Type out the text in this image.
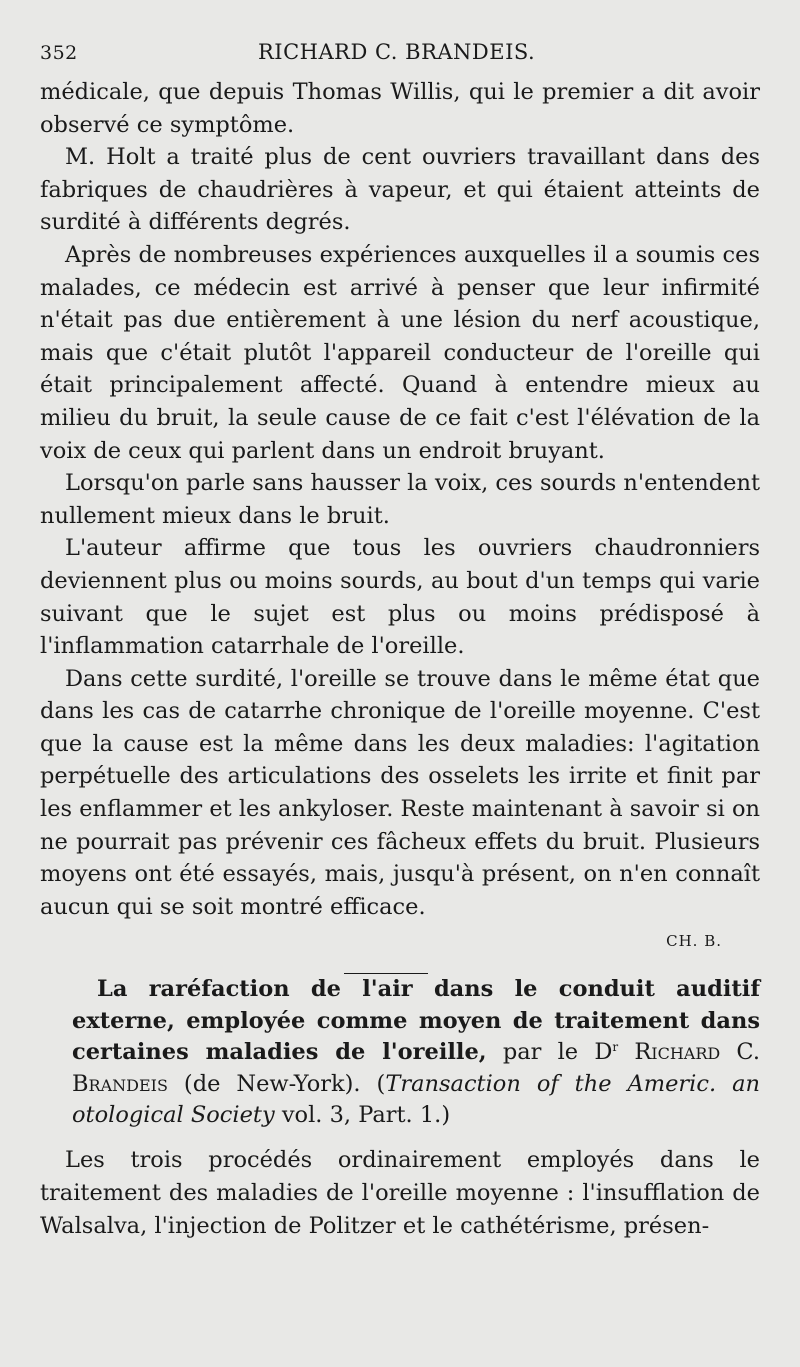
352	RICHARD C. BRANDEIS.

médicale, que depuis Thomas Willis, qui le premier a dit avoir observé ce symptôme.

M. Holt a traité plus de cent ouvriers travaillant dans des fabriques de chaudrières à vapeur, et qui étaient atteints de surdité à différents degrés.

Après de nombreuses expériences auxquelles il a soumis ces malades, ce médecin est arrivé à penser que leur infirmité n'était pas due entièrement à une lésion du nerf acoustique, mais que c'était plutôt l'appareil conducteur de l'oreille qui était principalement affecté. Quand à entendre mieux au milieu du bruit, la seule cause de ce fait c'est l'élévation de la voix de ceux qui parlent dans un endroit bruyant.

Lorsqu'on parle sans hausser la voix, ces sourds n'entendent nullement mieux dans le bruit.

L'auteur affirme que tous les ouvriers chaudronniers deviennent plus ou moins sourds, au bout d'un temps qui varie suivant que le sujet est plus ou moins prédisposé à l'inflammation catarrhale de l'oreille.

Dans cette surdité, l'oreille se trouve dans le même état que dans les cas de catarrhe chronique de l'oreille moyenne. C'est que la cause est la même dans les deux maladies: l'agitation perpétuelle des articulations des osselets les irrite et finit par les enflammer et les ankyloser. Reste maintenant à savoir si on ne pourrait pas prévenir ces fâcheux effets du bruit. Plusieurs moyens ont été essayés, mais, jusqu'à présent, on n'en connaît aucun qui se soit montré efficace.

CH. B.

La raréfaction de l'air dans le conduit auditif externe, employée comme moyen de traitement dans certaines maladies de l'oreille, par le $D^r$ Richard C. Brandeis (de New-York). (Transaction of the Americ. an otological Society vol. 3, Part. 1.)

Les trois procédés ordinairement employés dans le traitement des maladies de l'oreille moyenne : l'insufflation de Walsalva, l'injection de Politzer et le cathétérisme, présen-
